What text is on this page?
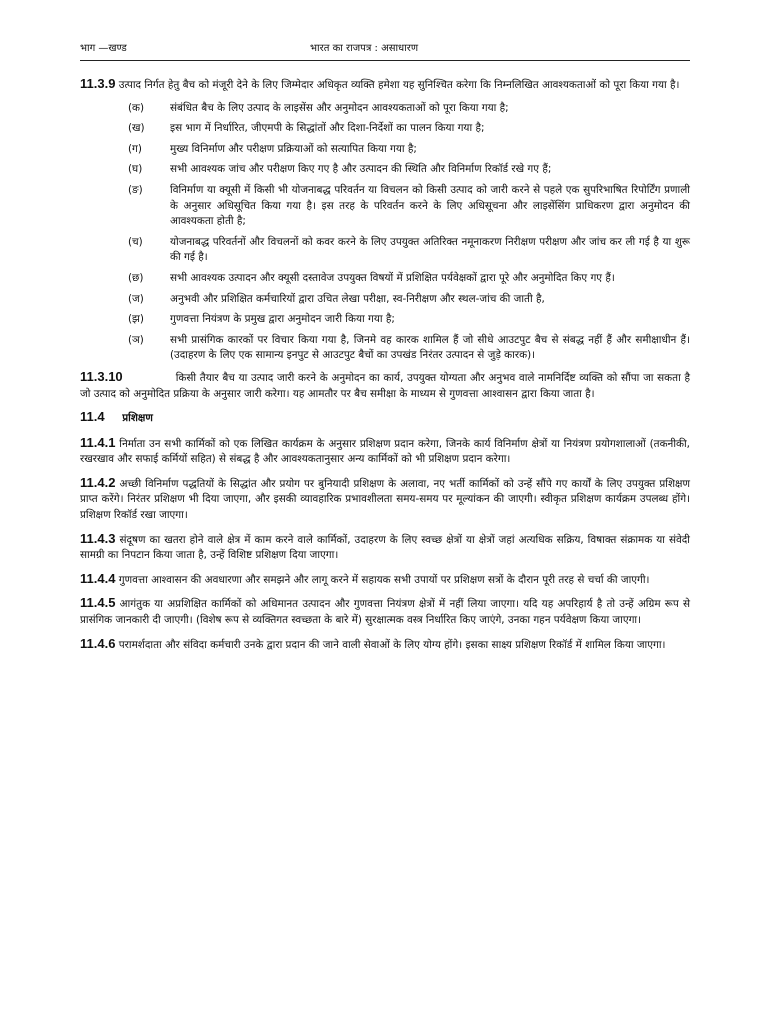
भाग —खण्ड	भारत का राजपत्र : असाधारण

11.3.9 उत्पाद निर्गत हेतु बैच को मंजूरी देने के लिए जिम्मेदार अधिकृत व्यक्ति हमेशा यह सुनिश्चित करेगा कि निम्नलिखित आवश्यकताओं को पूरा किया गया है।

(क)	संबंधित बैच के लिए उत्पाद के लाइसेंस और अनुमोदन आवश्यकताओं को पूरा किया गया है;
(ख)	इस भाग में निर्धारित, जीएमपी के सिद्धांतों और दिशा-निर्देशों का पालन किया गया है;
(ग)	मुख्य विनिर्माण और परीक्षण प्रक्रियाओं को सत्यापित किया गया है;
(घ)	सभी आवश्यक जांच और परीक्षण किए गए है और उत्पादन की स्थिति और विनिर्माण रिकॉर्ड रखे गए हैं;
(ङ)	विनिर्माण या क्यूसी में किसी भी योजनाबद्ध परिवर्तन या विचलन को किसी उत्पाद को जारी करने से पहले एक सुपरिभाषित रिपोर्टिंग प्रणाली के अनुसार अधिसूचित किया गया है। इस तरह के परिवर्तन करने के लिए अधिसूचना और लाइसेंसिंग प्राधिकरण द्वारा अनुमोदन की आवश्यकता होती है;
(च)	योजनाबद्ध परिवर्तनों और विचलनों को कवर करने के लिए उपयुक्त अतिरिक्त नमूनाकरण निरीक्षण परीक्षण और जांच कर ली गई है या शुरू की गई है।
(छ)	सभी आवश्यक उत्पादन और क्यूसी दस्तावेज उपयुक्त विषयों में प्रशिक्षित पर्यवेक्षकों द्वारा पूरे और अनुमोदित किए गए हैं।
(ज)	अनुभवी और प्रशिक्षित कर्मचारियों द्वारा उचित लेखा परीक्षा, स्व-निरीक्षण और स्थल-जांच की जाती है,
(झ)	गुणवत्ता नियंत्रण के प्रमुख द्वारा अनुमोदन जारी किया गया है;
(ञ)	सभी प्रासंगिक कारकों पर विचार किया गया है, जिनमे वह कारक शामिल हैं जो सीधे आउटपुट बैच से संबद्ध नहीं हैं और समीक्षाधीन हैं। (उदाहरण के लिए एक सामान्य इनपुट से आउटपुट बैचों का उपखंड निरंतर उत्पादन से जुड़े कारक)।

11.3.10	किसी तैयार बैच या उत्पाद जारी करने के अनुमोदन का कार्य, उपयुक्त योग्यता और अनुभव वाले नामनिर्दिष्ट व्यक्ति को सौंपा जा सकता है जो उत्पाद को अनुमोदित प्रक्रिया के अनुसार जारी करेगा। यह आमतौर पर बैच समीक्षा के माध्यम से गुणवत्ता आश्वासन द्वारा किया जाता है।

11.4 प्रशिक्षण

11.4.1 निर्माता उन सभी कार्मिकों को एक लिखित कार्यक्रम के अनुसार प्रशिक्षण प्रदान करेगा, जिनके कार्य विनिर्माण क्षेत्रों या नियंत्रण प्रयोगशालाओं (तकनीकी, रखरखाव और सफाई कर्मियों सहित) से संबद्ध है और आवश्यकतानुसार अन्य कार्मिकों को भी प्रशिक्षण प्रदान करेगा।

11.4.2 अच्छी विनिर्माण पद्धतियों के सिद्धांत और प्रयोग पर बुनियादी प्रशिक्षण के अलावा, नए भर्ती कार्मिकों को उन्हें सौंपे गए कार्यों के लिए उपयुक्त प्रशिक्षण प्राप्त करेंगे। निरंतर प्रशिक्षण भी दिया जाएगा, और इसकी व्यावहारिक प्रभावशीलता समय-समय पर मूल्यांकन की जाएगी। स्वीकृत प्रशिक्षण कार्यक्रम उपलब्ध होंगे। प्रशिक्षण रिकॉर्ड रखा जाएगा।

11.4.3 संदूषण का खतरा होने वाले क्षेत्र में काम करने वाले कार्मिकों, उदाहरण के लिए स्वच्छ क्षेत्रों या क्षेत्रों जहां अत्यधिक सक्रिय, विषाक्त संक्रामक या संवेदी सामग्री का निपटान किया जाता है, उन्हें विशिष्ट प्रशिक्षण दिया जाएगा।

11.4.4 गुणवत्ता आश्वासन की अवधारणा और समझने और लागू करने में सहायक सभी उपायों पर प्रशिक्षण सत्रों के दौरान पूरी तरह से चर्चा की जाएगी।

11.4.5 आगंतुक या अप्रशिक्षित कार्मिकों को अधिमानत उत्पादन और गुणवत्ता नियंत्रण क्षेत्रों में नहीं लिया जाएगा। यदि यह अपरिहार्य है तो उन्हें अग्रिम रूप से प्रासंगिक जानकारी दी जाएगी। (विशेष रूप से व्यक्तिगत स्वच्छता के बारे में) सुरक्षात्मक वस्त्र निर्धारित किए जाएंगे, उनका गहन पर्यवेक्षण किया जाएगा।

11.4.6 परामर्शदाता और संविदा कर्मचारी उनके द्वारा प्रदान की जाने वाली सेवाओं के लिए योग्य होंगे। इसका साक्ष्य प्रशिक्षण रिकॉर्ड में शामिल किया जाएगा।
